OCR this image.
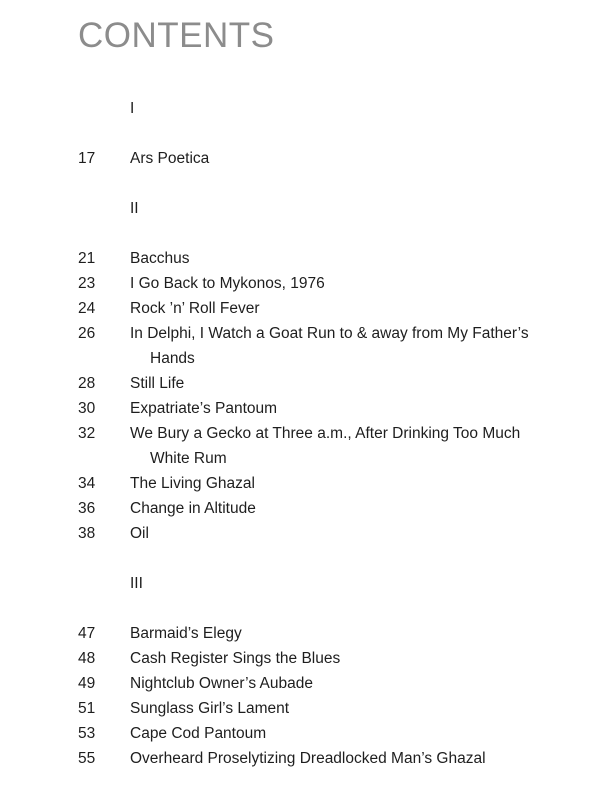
CONTENTS
I
17 Ars Poetica
II
21 Bacchus
23 I Go Back to Mykonos, 1976
24 Rock ’n’ Roll Fever
26 In Delphi, I Watch a Goat Run to & away from My Father’s Hands
28 Still Life
30 Expatriate’s Pantoum
32 We Bury a Gecko at Three a.m., After Drinking Too Much White Rum
34 The Living Ghazal
36 Change in Altitude
38 Oil
III
47 Barmaid’s Elegy
48 Cash Register Sings the Blues
49 Nightclub Owner’s Aubade
51 Sunglass Girl’s Lament
53 Cape Cod Pantoum
55 Overheard Proselytizing Dreadlocked Man’s Ghazal
